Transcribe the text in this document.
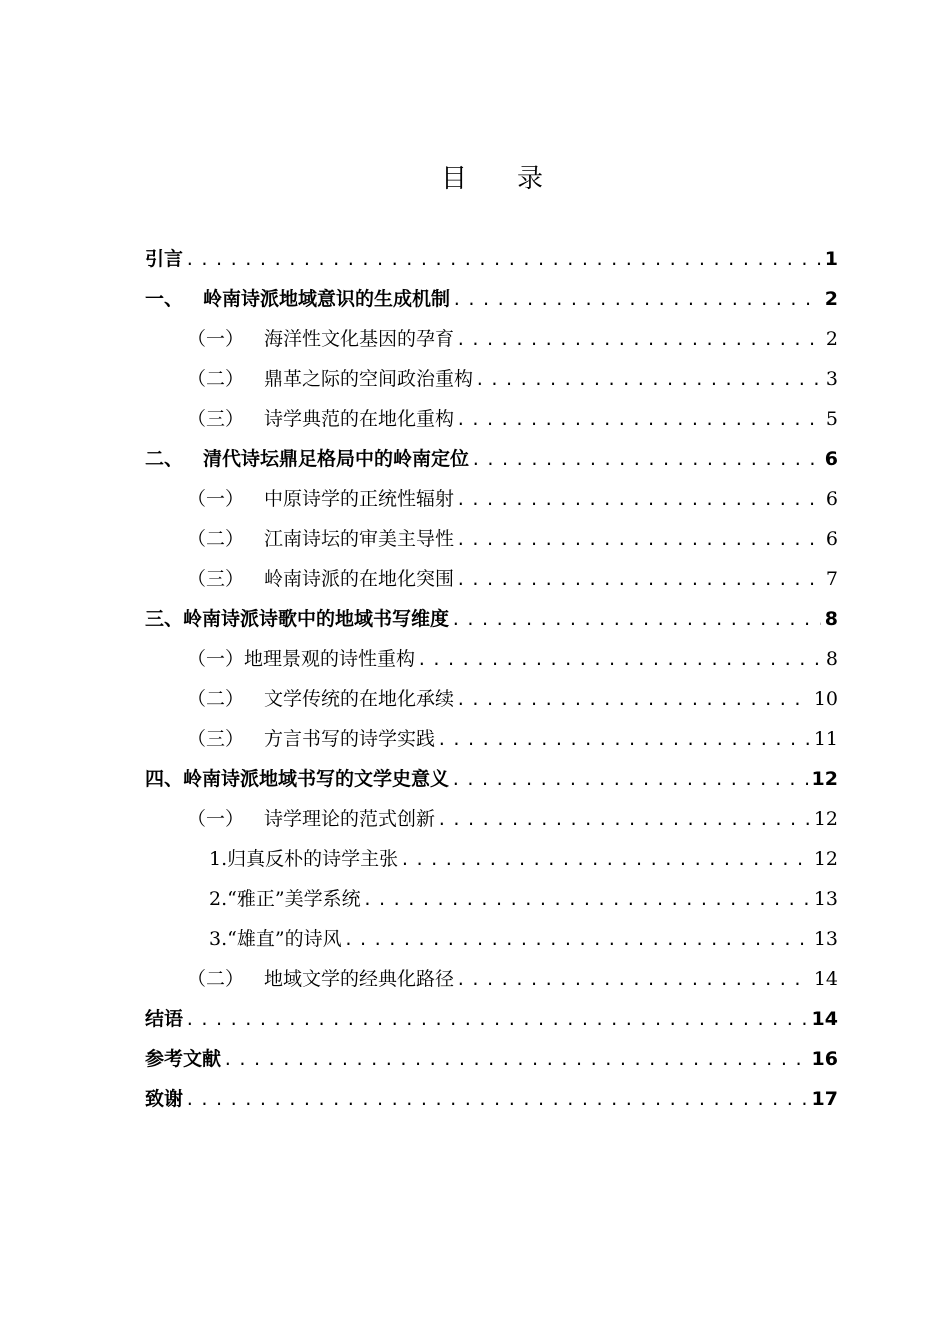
目 录
引言 .....	1
一、 岭南诗派地域意识的生成机制 .....	2
（一） 海洋性文化基因的孕育 .....	2
（二） 鼎革之际的空间政治重构 .....	3
（三） 诗学典范的在地化重构 .....	5
二、 清代诗坛鼎足格局中的岭南定位 .....	6
（一） 中原诗学的正统性辐射 .....	6
（二） 江南诗坛的审美主导性 .....	6
（三） 岭南诗派的在地化突围 .....	7
三、 岭南诗派诗歌中的地域书写维度 .....	8
（一） 地理景观的诗性重构 .....	8
（二） 文学传统的在地化承续 .....	10
（三） 方言书写的诗学实践 .....	11
四、 岭南诗派地域书写的文学史意义 .....	12
（一） 诗学理论的范式创新 .....	12
1. 归真反朴的诗学主张 .....	12
2. “雅正”美学系统 .....	13
3. “雄直”的诗风 .....	13
（二） 地域文学的经典化路径 .....	14
结语 .....	14
参考文献 .....	16
致谢 .....	17
